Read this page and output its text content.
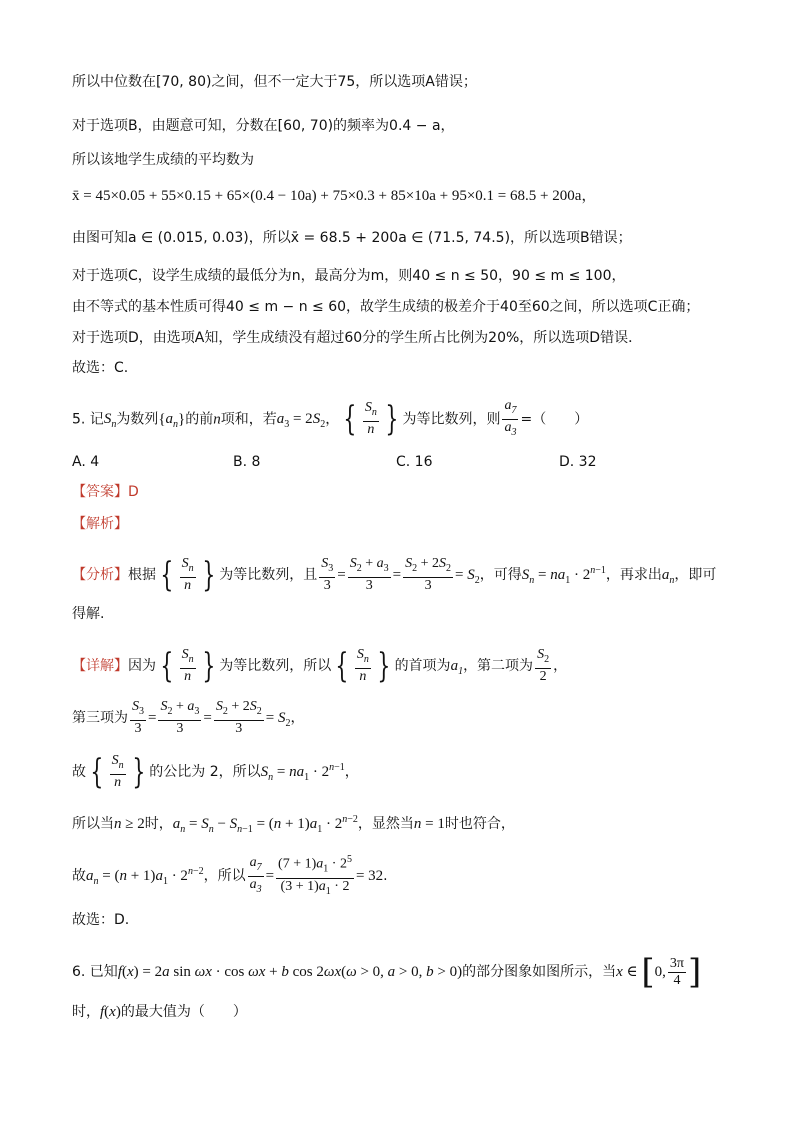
所以中位数在[70, 80)之间，但不一定大于75，所以选项A错误；
对于选项B，由题意可知，分数在[60, 70)的频率为0.4 − a，
所以该地学生成绩的平均数为
x̄ = 45×0.05 + 55×0.15 + 65×(0.4 − 10a) + 75×0.3 + 85×10a + 95×0.1 = 68.5 + 200a，
由图可知a ∈ (0.015, 0.03)，所以x̄ = 68.5 + 200a ∈ (71.5, 74.5)，所以选项B错误；
对于选项C，设学生成绩的最低分为n，最高分为m，则40 ≤ n ≤ 50，90 ≤ m ≤ 100，
由不等式的基本性质可得40 ≤ m − n ≤ 60，故学生成绩的极差介于40至60之间，所以选项C正确；
对于选项D，由选项A知，学生成绩没有超过60分的学生所占比例为20%，所以选项D错误．
故选：C.
5. 记$S_n$为数列$\{a_n\}$的前n项和，若$a_3 = 2S_2$， { $\frac{S_n}{n}$ } 为等比数列，则 $\frac{a_7}{a_3}$ =（　　）
A. 4	B. 8	C. 16	D. 32
【答案】D
【解析】
【分析】根据 { $\frac{S_n}{n}$ } 为等比数列，且 $\frac{S_3}{3} = \frac{S_2 + a_3}{3} = \frac{S_2 + 2S_2}{3} = S_2$，可得$S_n = na_1 \cdot 2^{n-1}$，再求出$a_n$，即可
得解.
【详解】因为 { $\frac{S_n}{n}$ } 为等比数列，所以 { $\frac{S_n}{n}$ } 的首项为$a_1$，第二项为 $\frac{S_2}{2}$ ，
第三项为 $\frac{S_3}{3} = \frac{S_2 + a_3}{3} = \frac{S_2 + 2S_2}{3} = S_2$，
故 { $\frac{S_n}{n}$ } 的公比为 2，所以$S_n = na_1 \cdot 2^{n-1}$，
所以当n ≥ 2时，$a_n = S_n - S_{n-1} = (n + 1)a_1 \cdot 2^{n-2}$，显然当n = 1时也符合，
故$a_n = (n + 1)a_1 \cdot 2^{n-2}$，所以 $\frac{a_7}{a_3} = \frac{(7 + 1)a_1 \cdot 2^5}{(3 + 1)a_1 \cdot 2} = 32$.
故选：D.
6. 已知f(x) = 2a sin ωx · cos ωx + b cos 2ωx(ω > 0, a > 0, b > 0)的部分图象如图所示，当x ∈ [0, $\frac{3\pi}{4}$ ]
时，f(x)的最大值为（　　）
